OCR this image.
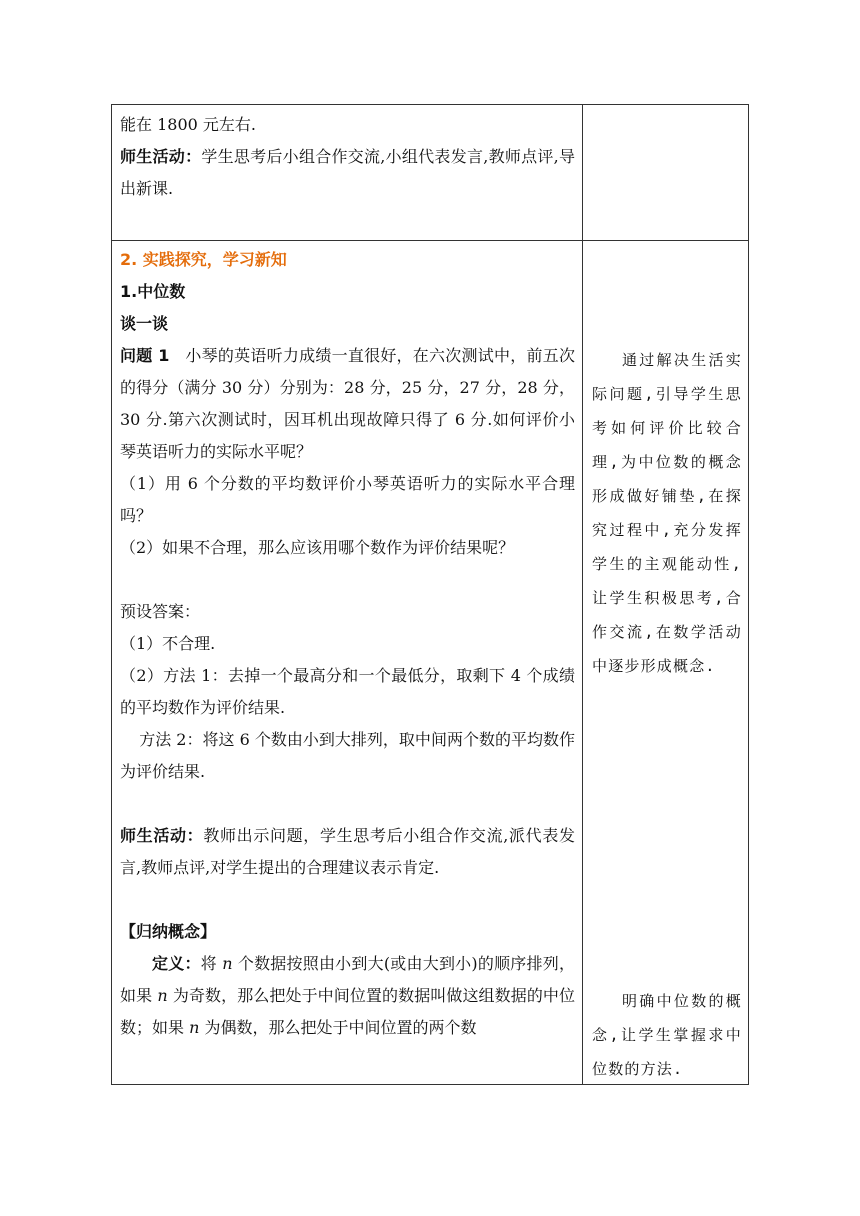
能在 1800 元左右.

师生活动：学生思考后小组合作交流,小组代表发言,教师点评,导出新课.

2. 实践探究，学习新知

1.中位数

谈一谈

问题 1 小琴的英语听力成绩一直很好，在六次测试中，前五次的得分（满分 30 分）分别为：28 分，25 分，27 分，28 分，30 分.第六次测试时，因耳机出现故障只得了 6 分.如何评价小琴英语听力的实际水平呢？

（1）用 6 个分数的平均数评价小琴英语听力的实际水平合理吗？

（2）如果不合理，那么应该用哪个数作为评价结果呢？

预设答案：

（1）不合理.

（2）方法 1：去掉一个最高分和一个最低分，取剩下 4 个成绩的平均数作为评价结果.

方法 2：将这 6 个数由小到大排列，取中间两个数的平均数作为评价结果.

师生活动：教师出示问题，学生思考后小组合作交流,派代表发言,教师点评,对学生提出的合理建议表示肯定.

【归纳概念】

定义：将 n 个数据按照由小到大(或由大到小)的顺序排列，如果 n 为奇数，那么把处于中间位置的数据叫做这组数据的中位数；如果 n 为偶数，那么把处于中间位置的两个数

通过解决生活实际问题,引导学生思考如何评价比较合理,为中位数的概念形成做好铺垫,在探究过程中,充分发挥学生的主观能动性,让学生积极思考,合作交流,在数学活动中逐步形成概念.

明确中位数的概念,让学生掌握求中位数的方法.
